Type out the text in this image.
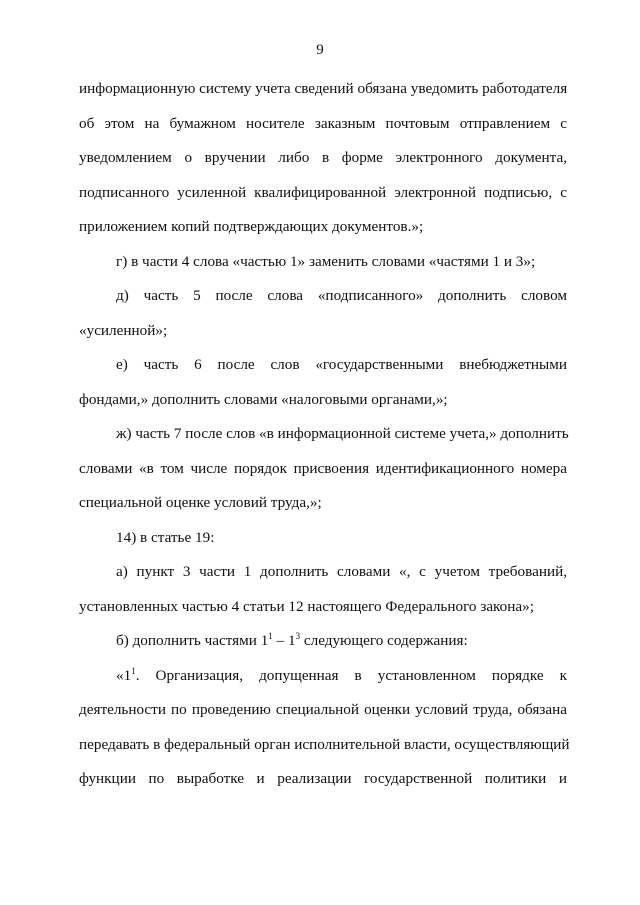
9
информационную систему учета сведений обязана уведомить работодателя
об этом на бумажном носителе заказным почтовым отправлением с
уведомлением о вручении либо в форме электронного документа,
подписанного усиленной квалифицированной электронной подписью, с
приложением копий подтверждающих документов.»;
г) в части 4 слова «частью 1» заменить словами «частями 1 и 3»;
д) часть 5 после слова «подписанного» дополнить словом
«усиленной»;
е) часть 6 после слов «государственными внебюджетными
фондами,» дополнить словами «налоговыми органами,»;
ж) часть 7 после слов «в информационной системе учета,» дополнить
словами «в том числе порядок присвоения идентификационного номера
специальной оценке условий труда,»;
14) в статье 19:
а) пункт 3 части 1 дополнить словами «, с учетом требований,
установленных частью 4 статьи 12 настоящего Федерального закона»;
б) дополнить частями $1^1 - 1^3$ следующего содержания:
«$1^1$. Организация, допущенная в установленном порядке к
деятельности по проведению специальной оценки условий труда, обязана
передавать в федеральный орган исполнительной власти, осуществляющий
функции по выработке и реализации государственной политики и
